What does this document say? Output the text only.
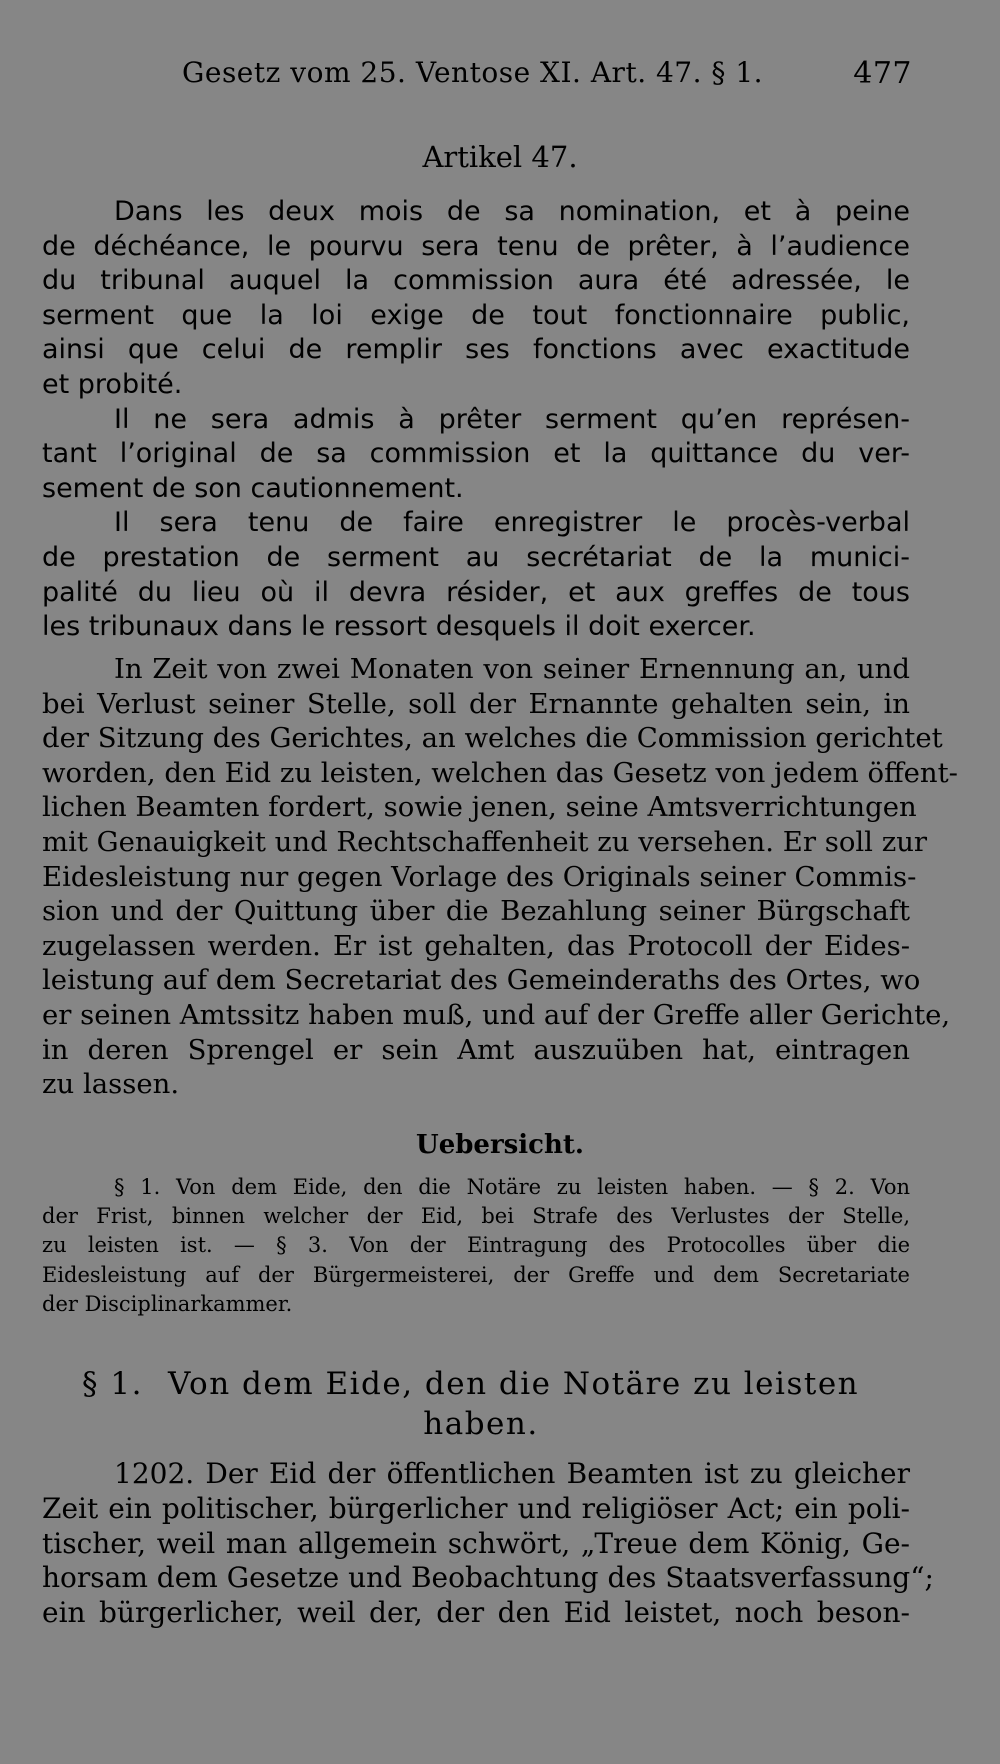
Gesetz vom 25. Ventose XI. Art. 47. § 1.	477
Artikel 47.
Dans les deux mois de sa nomination, et à peine
de déchéance, le pourvu sera tenu de prêter, à l’audience
du tribunal auquel la commission aura été adressée, le
serment que la loi exige de tout fonctionnaire public,
ainsi que celui de remplir ses fonctions avec exactitude
et probité.
Il ne sera admis à prêter serment qu’en représen-
tant l’original de sa commission et la quittance du ver-
sement de son cautionnement.
Il sera tenu de faire enregistrer le procès-verbal
de prestation de serment au secrétariat de la munici-
palité du lieu où il devra résider, et aux greffes de tous
les tribunaux dans le ressort desquels il doit exercer.
In Zeit von zwei Monaten von seiner Ernennung an, und
bei Verlust seiner Stelle, soll der Ernannte gehalten sein, in
der Sitzung des Gerichtes, an welches die Commission gerichtet
worden, den Eid zu leisten, welchen das Gesetz von jedem öffent-
lichen Beamten fordert, sowie jenen, seine Amtsverrichtungen
mit Genauigkeit und Rechtschaffenheit zu versehen. Er soll zur
Eidesleistung nur gegen Vorlage des Originals seiner Commis-
sion und der Quittung über die Bezahlung seiner Bürgschaft
zugelassen werden. Er ist gehalten, das Protocoll der Eides-
leistung auf dem Secretariat des Gemeinderaths des Ortes, wo
er seinen Amtssitz haben muß, und auf der Greffe aller Gerichte,
in deren Sprengel er sein Amt auszuüben hat, eintragen
zu lassen.
Uebersicht.
§ 1. Von dem Eide, den die Notäre zu leisten haben. — § 2. Von
der Frist, binnen welcher der Eid, bei Strafe des Verlustes der Stelle,
zu leisten ist. — § 3. Von der Eintragung des Protocolles über die
Eidesleistung auf der Bürgermeisterei, der Greffe und dem Secretariate
der Disciplinarkammer.
§ 1. Von dem Eide, den die Notäre zu leisten
haben.
1202. Der Eid der öffentlichen Beamten ist zu gleicher
Zeit ein politischer, bürgerlicher und religiöser Act; ein poli-
tischer, weil man allgemein schwört, „Treue dem König, Ge-
horsam dem Gesetze und Beobachtung des Staatsverfassung“;
ein bürgerlicher, weil der, der den Eid leistet, noch beson-
